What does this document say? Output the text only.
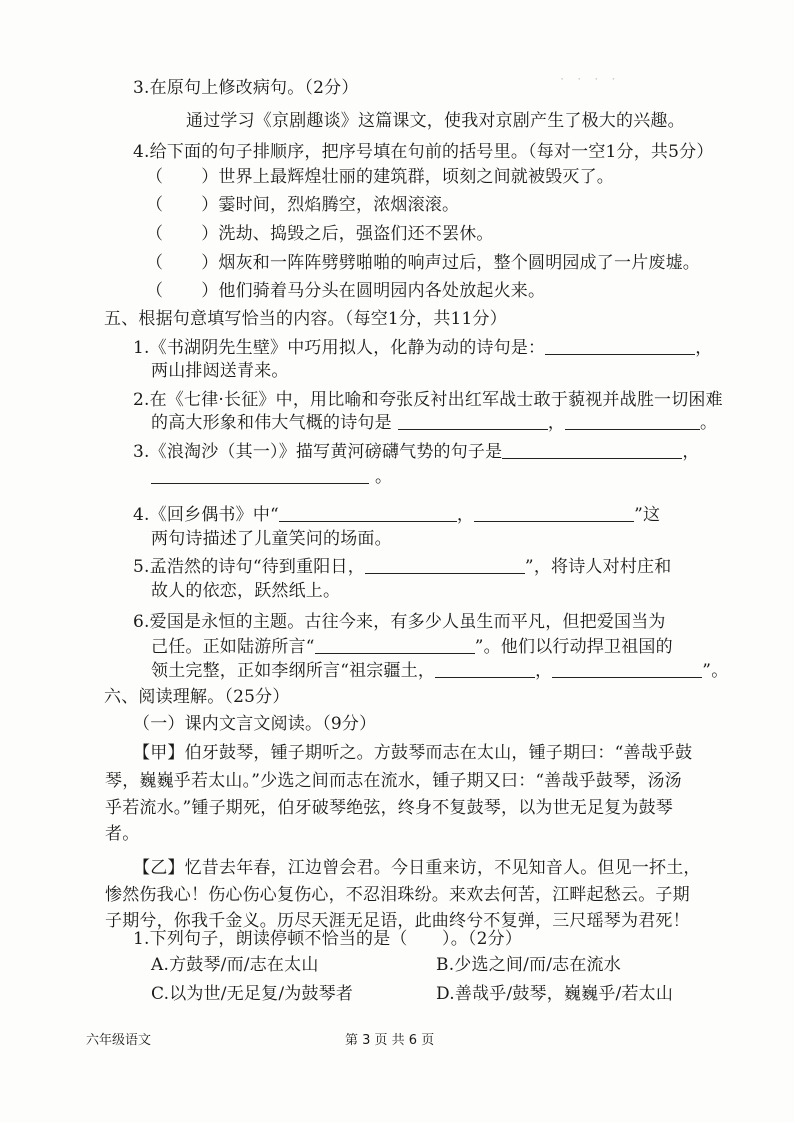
·　·　·　·
3.在原句上修改病句。（2分）
通过学习《京剧趣谈》这篇课文，使我对京剧产生了极大的兴趣。
4.给下面的句子排顺序，把序号填在句前的括号里。（每对一空1分，共5分）
（ ）世界上最辉煌壮丽的建筑群，顷刻之间就被毁灭了。
（ ）霎时间，烈焰腾空，浓烟滚滚。
（ ）洗劫、捣毁之后，强盗们还不罢休。
（ ）烟灰和一阵阵劈劈啪啪的响声过后，整个圆明园成了一片废墟。
（ ）他们骑着马分头在圆明园内各处放起火来。
五、根据句意填写恰当的内容。（每空1分，共11分）
1.《书湖阴先生壁》中巧用拟人，化静为动的诗句是：	，
两山排闼送青来。
2.在《七律·长征》中，用比喻和夸张反衬出红军战士敢于藐视并战胜一切困难
的高大形象和伟大气概的诗句是	，	。
3.《浪淘沙（其一）》描写黄河磅礴气势的句子是	，
。
4.《回乡偶书》中“	，	”这
两句诗描述了儿童笑问的场面。
5.孟浩然的诗句“待到重阳日，	”，将诗人对村庄和
故人的依恋，跃然纸上。
6.爱国是永恒的主题。古往今来，有多少人虽生而平凡，但把爱国当为
己任。正如陆游所言“	”。他们以行动捍卫祖国的
领土完整，正如李纲所言“祖宗疆土，	，	”。
六、阅读理解。（25分）
（一）课内文言文阅读。（9分）
【甲】伯牙鼓琴，锺子期听之。方鼓琴而志在太山，锺子期曰：“善哉乎鼓
琴，巍巍乎若太山。”少选之间而志在流水，锺子期又曰：“善哉乎鼓琴，汤汤
乎若流水。”锺子期死，伯牙破琴绝弦，终身不复鼓琴，以为世无足复为鼓琴
者。
【乙】忆昔去年春，江边曾会君。今日重来访，不见知音人。但见一抔土，
惨然伤我心！伤心伤心复伤心，不忍泪珠纷。来欢去何苦，江畔起愁云。子期
子期兮，你我千金义。历尽天涯无足语，此曲终兮不复弹，三尺瑶琴为君死！
1.下列句子，朗读停顿不恰当的是（　　）。（2分）
A.方鼓琴/而/志在太山	B.少选之间/而/志在流水
C.以为世/无足复/为鼓琴者	D.善哉乎/鼓琴，巍巍乎/若太山
六年级语文	第 3 页 共 6 页
